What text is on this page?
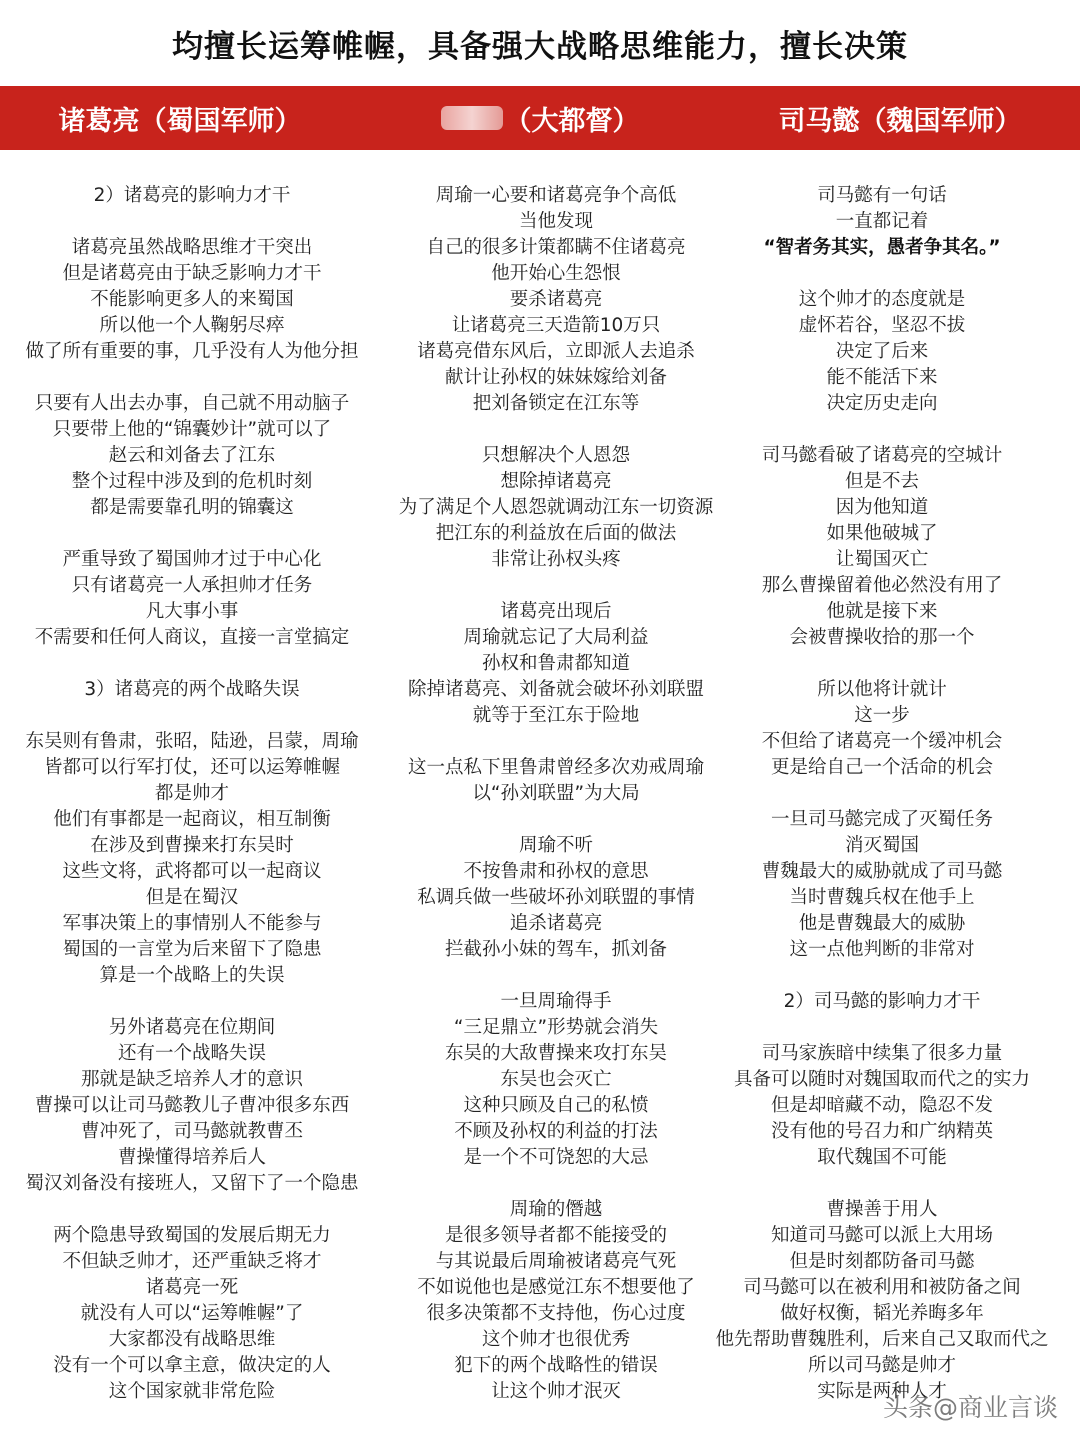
均擅长运筹帷幄，具备强大战略思维能力，擅长决策
诸葛亮（蜀国军师）	（大都督）	司马懿（魏国军师）
2）诸葛亮的影响力才干
诸葛亮虽然战略思维才干突出
但是诸葛亮由于缺乏影响力才干
不能影响更多人的来蜀国
所以他一个人鞠躬尽瘁
做了所有重要的事，几乎没有人为他分担
只要有人出去办事，自己就不用动脑子
只要带上他的“锦囊妙计”就可以了
赵云和刘备去了江东
整个过程中涉及到的危机时刻
都是需要靠孔明的锦囊这
严重导致了蜀国帅才过于中心化
只有诸葛亮一人承担帅才任务
凡大事小事
不需要和任何人商议，直接一言堂搞定
3）诸葛亮的两个战略失误
东吴则有鲁肃，张昭，陆逊，吕蒙，周瑜
皆都可以行军打仗，还可以运筹帷幄
都是帅才
他们有事都是一起商议，相互制衡
在涉及到曹操来打东吴时
这些文将，武将都可以一起商议
但是在蜀汉
军事决策上的事情别人不能参与
蜀国的一言堂为后来留下了隐患
算是一个战略上的失误
另外诸葛亮在位期间
还有一个战略失误
那就是缺乏培养人才的意识
曹操可以让司马懿教儿子曹冲很多东西
曹冲死了，司马懿就教曹丕
曹操懂得培养后人
蜀汉刘备没有接班人，又留下了一个隐患
两个隐患导致蜀国的发展后期无力
不但缺乏帅才，还严重缺乏将才
诸葛亮一死
就没有人可以“运筹帷幄”了
大家都没有战略思维
没有一个可以拿主意，做决定的人
这个国家就非常危险
周瑜一心要和诸葛亮争个高低
当他发现
自己的很多计策都瞒不住诸葛亮
他开始心生怨恨
要杀诸葛亮
让诸葛亮三天造箭10万只
诸葛亮借东风后，立即派人去追杀
献计让孙权的妹妹嫁给刘备
把刘备锁定在江东等
只想解决个人恩怨
想除掉诸葛亮
为了满足个人恩怨就调动江东一切资源
把江东的利益放在后面的做法
非常让孙权头疼
诸葛亮出现后
周瑜就忘记了大局利益
孙权和鲁肃都知道
除掉诸葛亮、刘备就会破坏孙刘联盟
就等于至江东于险地
这一点私下里鲁肃曾经多次劝戒周瑜
以“孙刘联盟”为大局
周瑜不听
不按鲁肃和孙权的意思
私调兵做一些破坏孙刘联盟的事情
追杀诸葛亮
拦截孙小妹的驾车，抓刘备
一旦周瑜得手
“三足鼎立”形势就会消失
东吴的大敌曹操来攻打东吴
东吴也会灭亡
这种只顾及自己的私愤
不顾及孙权的利益的打法
是一个不可饶恕的大忌
周瑜的僭越
是很多领导者都不能接受的
与其说最后周瑜被诸葛亮气死
不如说他也是感觉江东不想要他了
很多决策都不支持他，伤心过度
这个帅才也很优秀
犯下的两个战略性的错误
让这个帅才泯灭
司马懿有一句话
一直都记着
“智者务其实，愚者争其名。”
这个帅才的态度就是
虚怀若谷，坚忍不拔
决定了后来
能不能活下来
决定历史走向
司马懿看破了诸葛亮的空城计
但是不去
因为他知道
如果他破城了
让蜀国灭亡
那么曹操留着他必然没有用了
他就是接下来
会被曹操收拾的那一个
所以他将计就计
这一步
不但给了诸葛亮一个缓冲机会
更是给自己一个活命的机会
一旦司马懿完成了灭蜀任务
消灭蜀国
曹魏最大的威胁就成了司马懿
当时曹魏兵权在他手上
他是曹魏最大的威胁
这一点他判断的非常对
2）司马懿的影响力才干
司马家族暗中续集了很多力量
具备可以随时对魏国取而代之的实力
但是却暗藏不动，隐忍不发
没有他的号召力和广纳精英
取代魏国不可能
曹操善于用人
知道司马懿可以派上大用场
但是时刻都防备司马懿
司马懿可以在被利用和被防备之间
做好权衡，韬光养晦多年
他先帮助曹魏胜利，后来自己又取而代之
所以司马懿是帅才
实际是两种人才
头条@商业言谈
